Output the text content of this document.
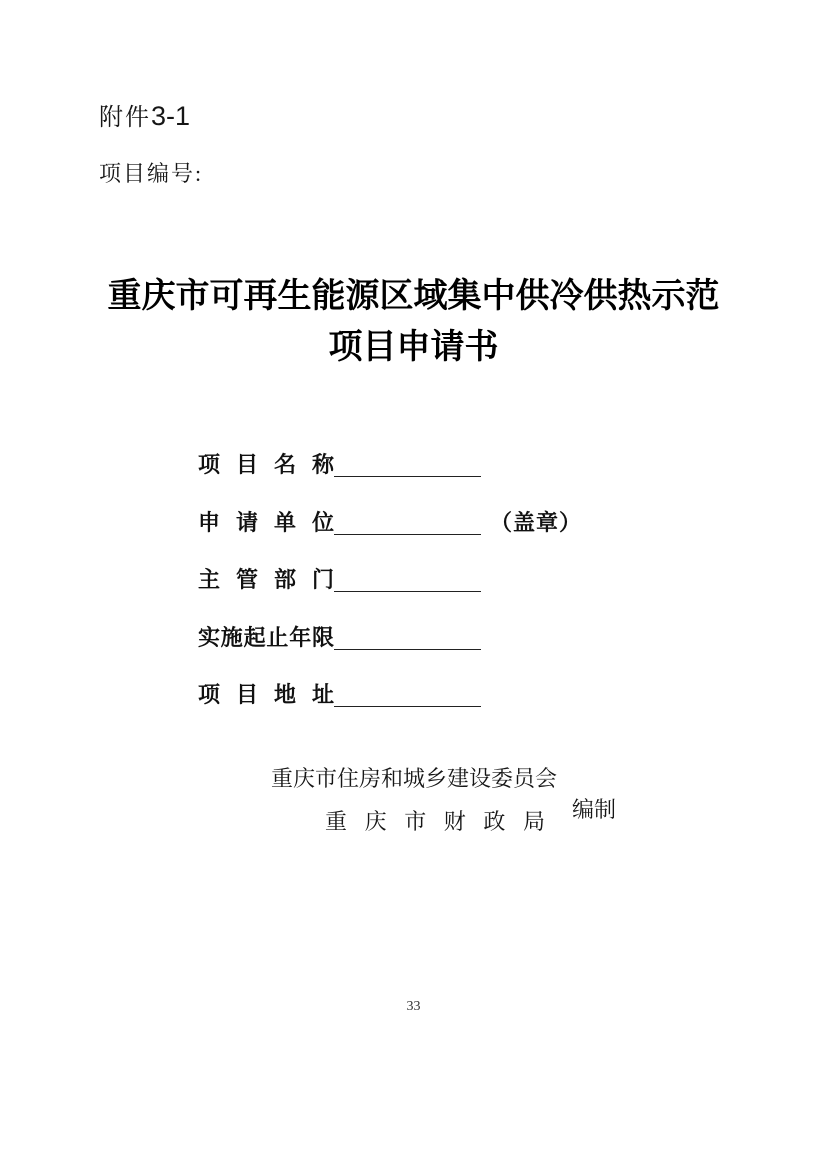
附件3-1
项目编号:
重庆市可再生能源区域集中供冷供热示范
项目申请书
项目名称
申请单位	（盖章）
主管部门
实施起止年限
项目地址
重庆市住房和城乡建设委员会
重庆市财政局 编制
33
